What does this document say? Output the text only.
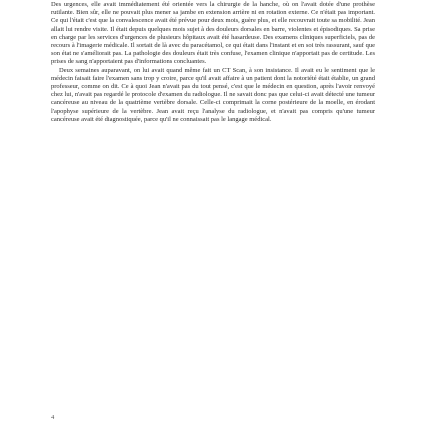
Des urgences, elle avait immédiatement été orientée vers la chirurgie de la hanche, où on l'avait dotée d'une prothèse rutilante. Bien sûr, elle ne pouvait plus mener sa jambe en extension arrière ni en rotation externe. Ce n'était pas important. Ce qui l'était c'est que la convalescence avait été prévue pour deux mois, guère plus, et elle recouvrait toute sa mobilité. Jean allait lui rendre visite. Il était depuis quelques mois sujet à des douleurs dorsales en barre, violentes et épisodiques. Sa prise en charge par les services d'urgences de plusieurs hôpitaux avait été hasardeuse. Des examens cliniques superficiels, pas de recours à l'imagerie médicale. Il sortait de là avec du paracétamol, ce qui était dans l'instant et en soi très rassurant, sauf que son état ne s'améliorait pas. La pathologie des douleurs était très confuse, l'examen clinique n'apportait pas de certitude. Les prises de sang n'apportaient pas d'informations concluantes.

Deux semaines auparavant, on lui avait quand même fait un CT Scan, à son insistance. Il avait eu le sentiment que le médecin faisait faire l'examen sans trop y croire, parce qu'il avait affaire à un patient dont la notoriété était établie, un grand professeur, comme on dit. Ce à quoi Jean n'avait pas du tout pensé, c'est que le médecin en question, après l'avoir renvoyé chez lui, n'avait pas regardé le protocole d'examen du radiologue. Il ne savait donc pas que celui-ci avait détecté une tumeur cancéreuse au niveau de la quatrième vertèbre dorsale. Celle-ci comprimait la corne postérieure de la moelle, en érodant l'apophyse supérieure de la vertèbre. Jean avait reçu l'analyse du radiologue, et n'avait pas compris qu'une tumeur cancéreuse avait été diagnostiquée, parce qu'il ne connaissait pas le langage médical.

4
